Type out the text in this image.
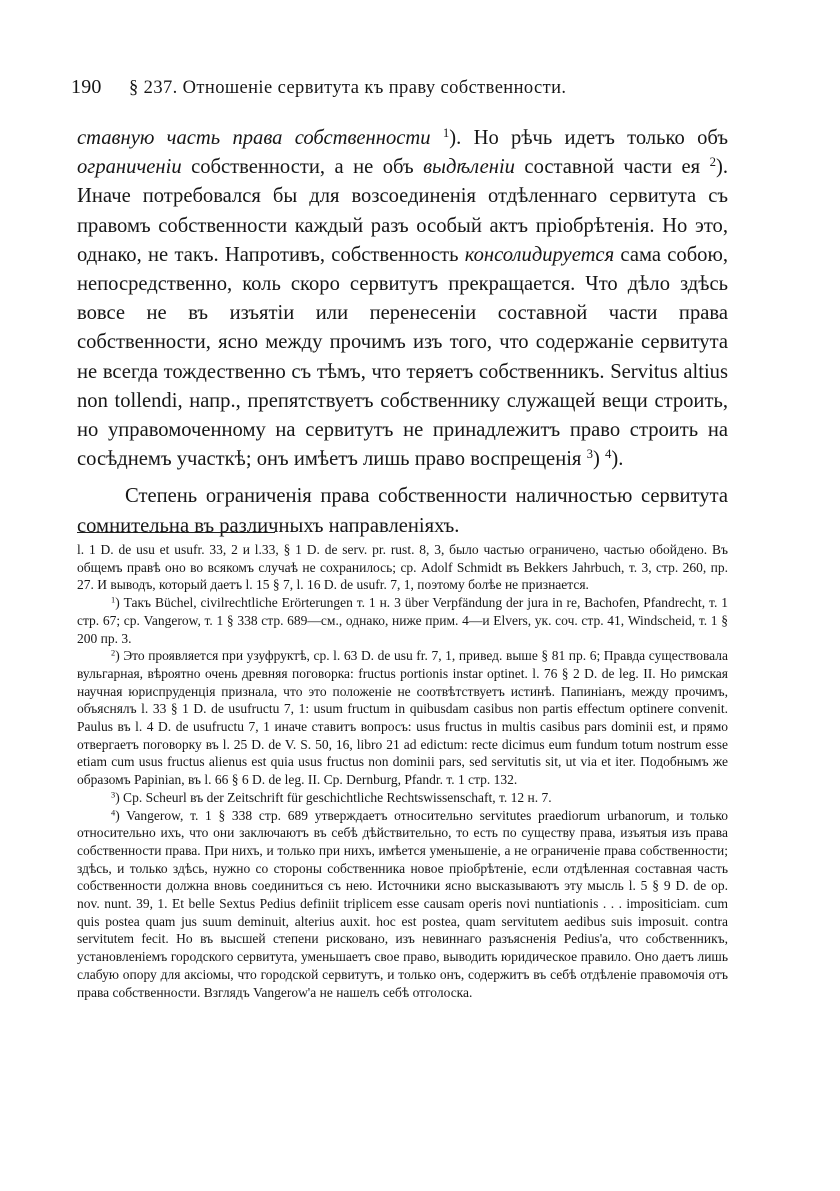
190	§ 237. Отношеніе сервитута къ праву собственности.

ставную часть права собственности $^1$). Но рѣчь идетъ только объ ограниченіи собственности, а не объ выдѣленіи составной части ея $^2$). Иначе потребовался бы для возсоединенія отдѣленнаго сервитута съ правомъ собственности каждый разъ особый актъ пріобрѣтенія. Но это, однако, не такъ. Напротивъ, собственность консолидируется сама собою, непосредственно, коль скоро сервитутъ прекращается. Что дѣло здѣсь вовсе не въ изъятіи или перенесеніи составной части права собственности, ясно между прочимъ изъ того, что содержаніе сервитута не всегда тождественно съ тѣмъ, что теряетъ собственникъ. Servitus altius non tollendi, напр., препятствуетъ собственнику служащей вещи строить, но управомоченному на сервитутъ не принадлежитъ право строить на сосѣднемъ участкѣ; онъ имѣетъ лишь право воспрещенія $^3$) $^4$).

Степень ограниченія права собственности наличностью сервитута сомнительна въ различныхъ направленіяхъ.

l. 1 D. de usu et usufr. 33, 2 и l.33, § 1 D. de serv. pr. rust. 8, 3, было частью ограничено, частью обойдено. Въ общемъ правѣ оно во всякомъ случаѣ не сохранилось; ср. Adolf Schmidt въ Bekkers Jahrbuch, т. 3, стр. 260, пр. 27. И выводъ, который даетъ l. 15 § 7, l. 16 D. de usufr. 7, 1, поэтому болѣе не признается.

$^1$) Такъ Büchel, civilrechtliche Erörterungen т. 1 н. 3 über Verpfändung der jura in re, Bachofen, Pfandrecht, т. 1 стр. 67; ср. Vangerow, т. 1 § 338 стр. 689—см., однако, ниже прим. 4—и Elvers, ук. соч. стр. 41, Windscheid, т. 1 § 200 пр. 3.

$^2$) Это проявляется при узуфруктѣ, ср. l. 63 D. de usu fr. 7, 1, привед. выше § 81 пр. 6; Правда существовала вульгарная, вѣроятно очень древняя поговорка: fructus portionis instar optinet. l. 76 § 2 D. de leg. II. Но римская научная юриспруденція признала, что это положеніе не соотвѣтствуетъ истинѣ. Папиніанъ, между прочимъ, объяснялъ l. 33 § 1 D. de usufructu 7, 1: usum fructum in quibusdam casibus non partis effectum optinere convenit. Paulus въ l. 4 D. de usufructu 7, 1 иначе ставитъ вопросъ: usus fructus in multis casibus pars dominii est, и прямо отвергаетъ поговорку въ l. 25 D. de V. S. 50, 16, libro 21 ad edictum: recte dicimus eum fundum totum nostrum esse etiam cum usus fructus alienus est quia usus fructus non dominii pars, sed servitutis sit, ut via et iter. Подобнымъ же образомъ Papinian, въ l. 66 § 6 D. de leg. II. Ср. Dernburg, Pfandr. т. 1 стр. 132.

$^3$) Ср. Scheurl въ der Zeitschrift für geschichtliche Rechtswissenschaft, т. 12 н. 7.

$^4$) Vangerow, т. 1 § 338 стр. 689 утверждаетъ относительно servitutes praediorum urbanorum, и только относительно ихъ, что они заключаютъ въ себѣ дѣйствительно, то есть по существу права, изъятыя изъ права собственности права. При нихъ, и только при нихъ, имѣется уменьшеніе, а не ограниченіе права собственности; здѣсь, и только здѣсь, нужно со стороны собственника новое пріобрѣтеніе, если отдѣленная составная часть собственности должна вновь соединиться съ нею. Источники ясно высказываютъ эту мысль l. 5 § 9 D. de op. nov. nunt. 39, 1. Et belle Sextus Pedius definiit triplicem esse causam operis novi nuntiationis . . . impositiciam. cum quis postea quam jus suum deminuit, alterius auxit. hoc est postea, quam servitutem aedibus suis imposuit. contra servitutem fecit. Но въ высшей степени рисковано, изъ невиннаго разъясненія Pedius'а, что собственникъ, установленіемъ городского сервитута, уменьшаетъ свое право, выводить юридическое правило. Оно даетъ лишь слабую опору для аксіомы, что городской сервитутъ, и только онъ, содержитъ въ себѣ отдѣленіе правомочія отъ права собственности. Взглядъ Vangerow'а не нашелъ себѣ отголоска.
